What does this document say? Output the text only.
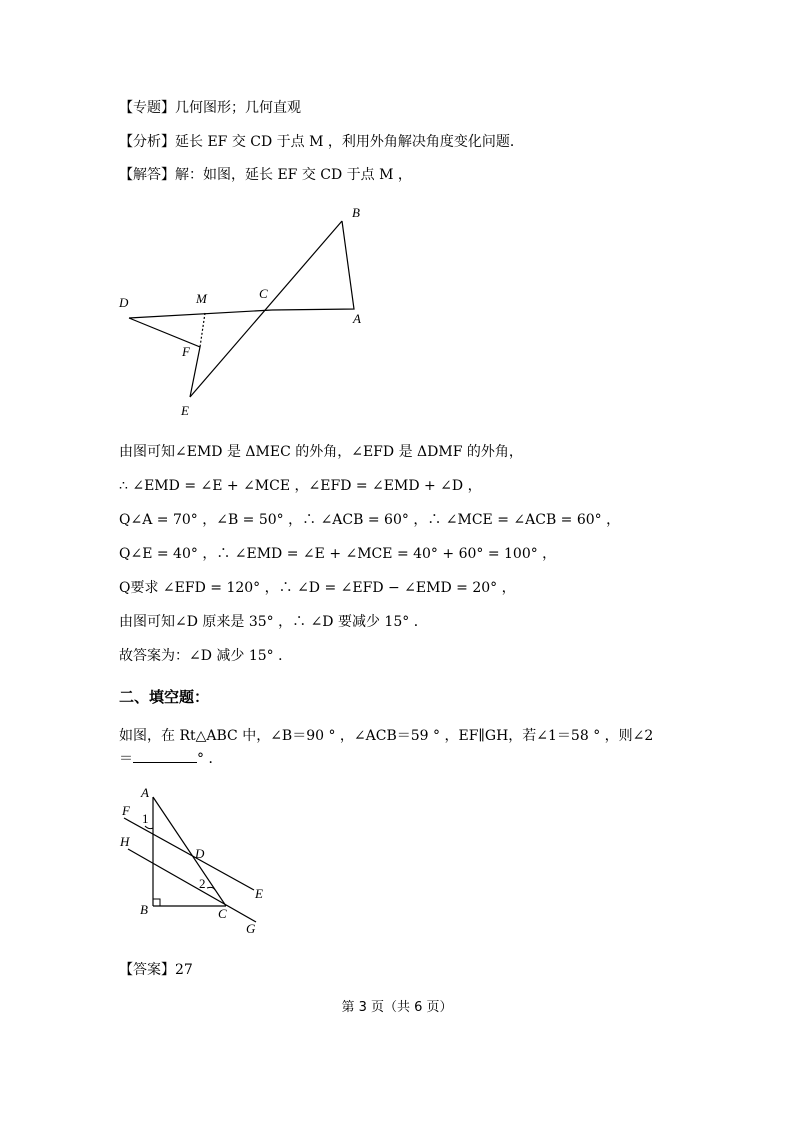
【专题】几何图形；几何直观
【分析】延长 EF 交 CD 于点 M ，利用外角解决角度变化问题．
【解答】解：如图，延长 EF 交 CD 于点 M ，
B
C
A
D	M
F
E
由图可知∠EMD 是 ΔMEC 的外角，∠EFD 是 ΔDMF 的外角，
∴ ∠EMD = ∠E + ∠MCE ，∠EFD = ∠EMD + ∠D ，
Q∠A = 70° ，∠B = 50° ，∴ ∠ACB = 60° ，∴ ∠MCE = ∠ACB = 60° ，
Q∠E = 40° ，∴ ∠EMD = ∠E + ∠MCE = 40° + 60° = 100° ，
Q要求 ∠EFD = 120° ，∴ ∠D = ∠EFD − ∠EMD = 20° ，
由图可知∠D 原来是 35° ，∴ ∠D 要减少 15° ．
故答案为：∠D 减少 15° ．
二、填空题：
如图，在 Rt△ABC 中，∠B＝90 ° ，∠ACB＝59 ° ，EF∥GH，若∠1＝58 ° ，则∠2
＝	° ．
A
F
1
H
D
2
E
B	C
G
【答案】27
第 3 页（共 6 页）
